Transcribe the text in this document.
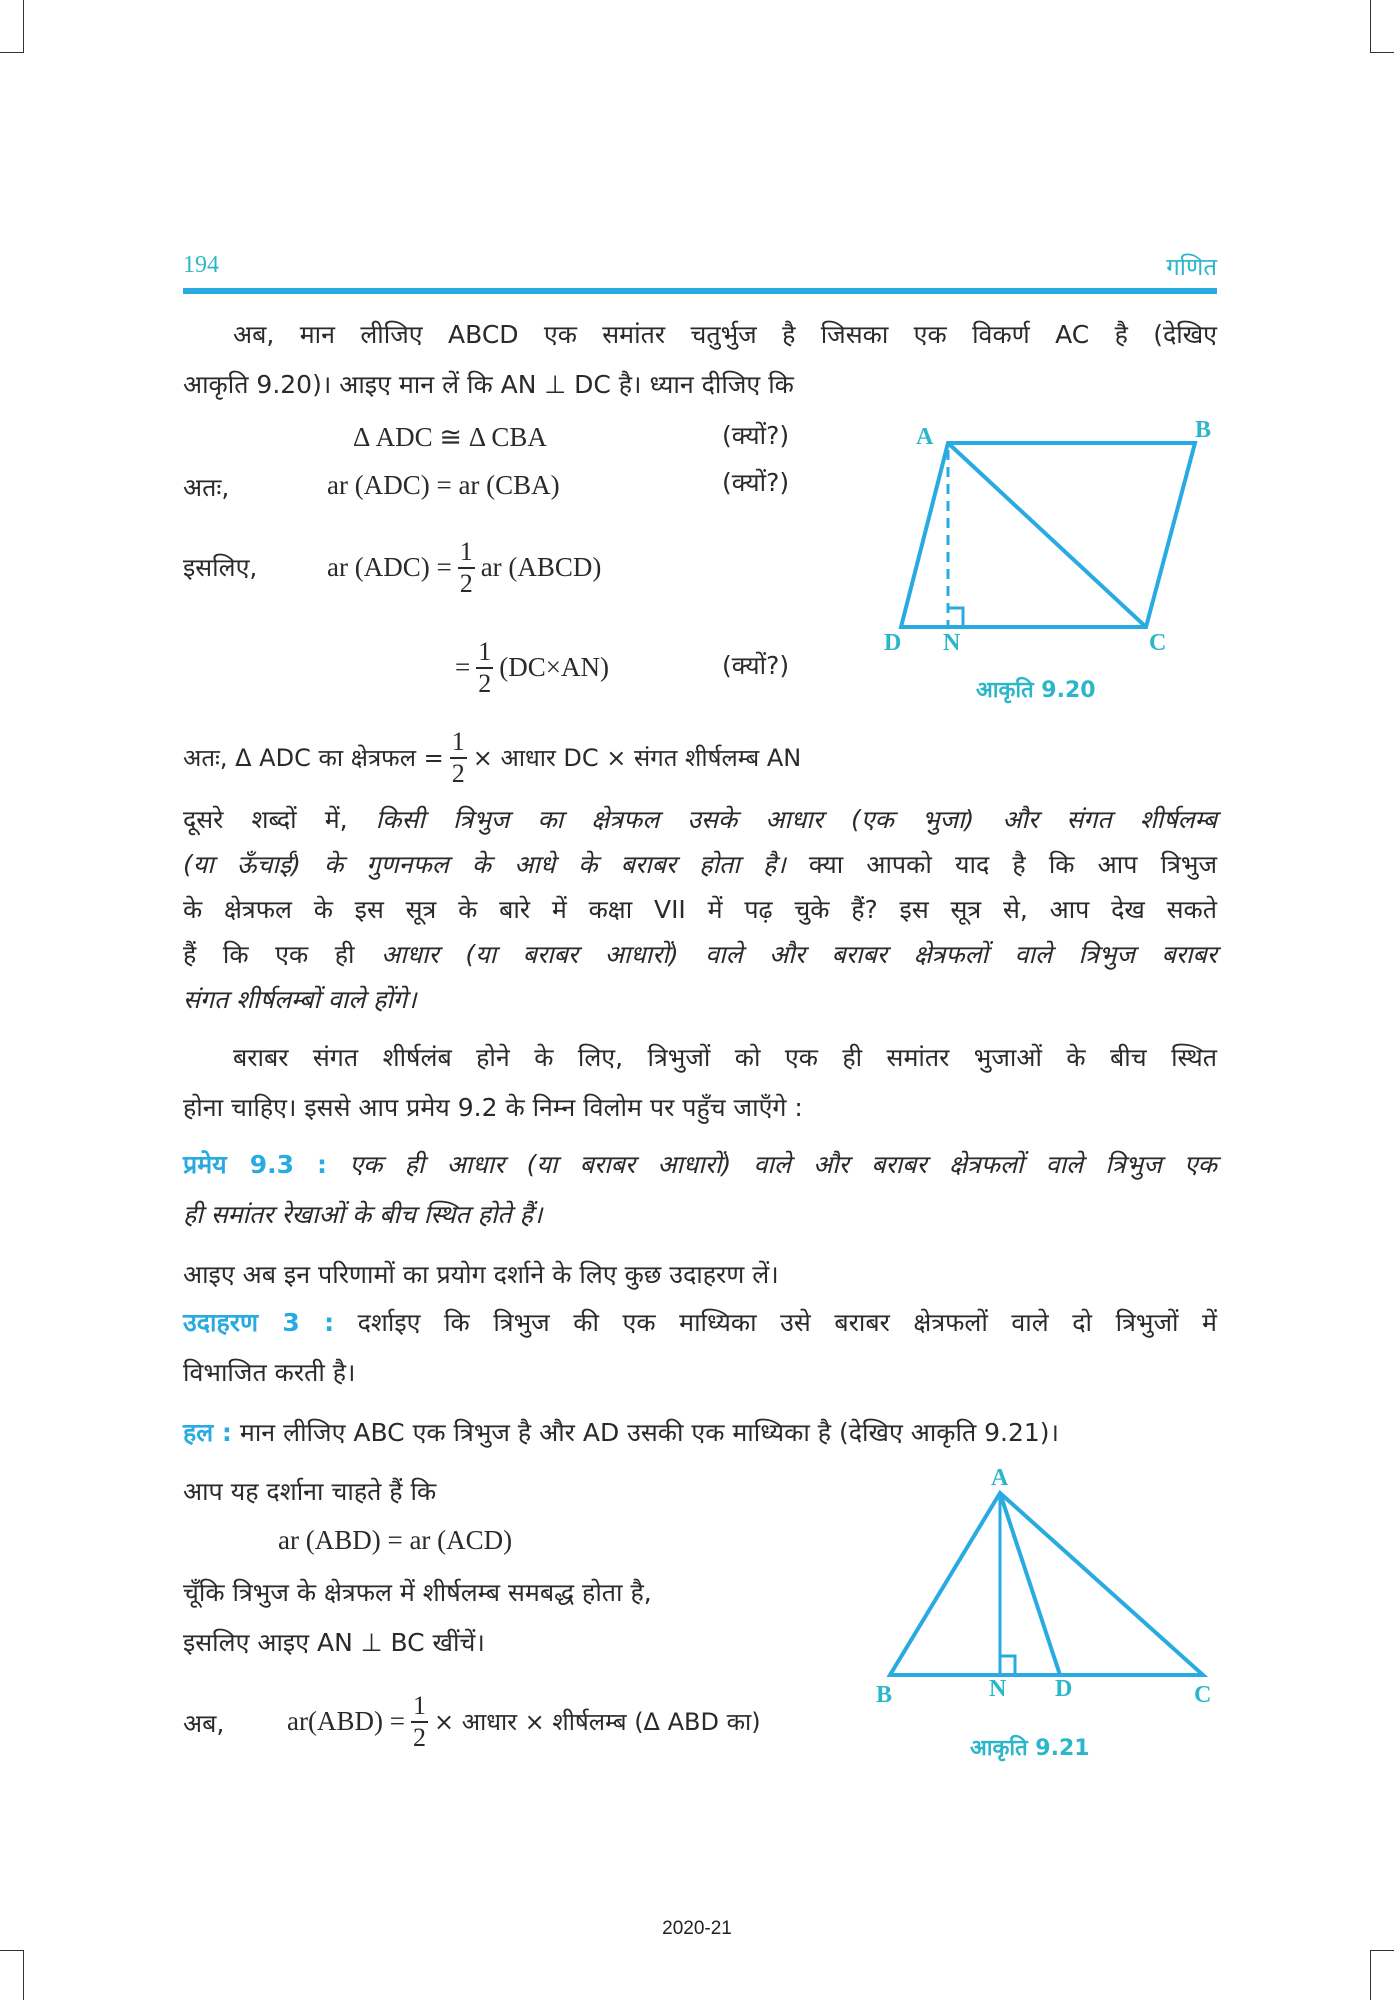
194	गणित
अब, मान लीजिए ABCD एक समांतर चतुर्भुज है जिसका एक विकर्ण AC है (देखिए
आकृति 9.20)। आइए मान लें कि AN ⊥ DC है। ध्यान दीजिए कि
Δ ADC ≅ Δ CBA	(क्यों?)
अतः,	ar (ADC) = ar (CBA)	(क्यों?)
इसलिए,	ar $(ADC) = \frac{1}{2}$ ar (ABCD)
= $\frac{1}{2} (DC\times AN)$	(क्यों?)
अतः, Δ ADC का क्षेत्रफल = $\frac{1}{2}$ × आधार DC × संगत शीर्षलम्ब AN
A	B
D N	C
आकृति 9.20
दूसरे शब्दों में, किसी त्रिभुज का क्षेत्रफल उसके आधार (एक भुजा) और संगत शीर्षलम्ब
(या ऊँचाई) के गुणनफल के आधे के बराबर होता है। क्या आपको याद है कि आप त्रिभुज
के क्षेत्रफल के इस सूत्र के बारे में कक्षा VII में पढ़ चुके हैं? इस सूत्र से, आप देख सकते
हैं कि एक ही आधार (या बराबर आधारों) वाले और बराबर क्षेत्रफलों वाले त्रिभुज बराबर
संगत शीर्षलम्बों वाले होंगे।
बराबर संगत शीर्षलंब होने के लिए, त्रिभुजों को एक ही समांतर भुजाओं के बीच स्थित
होना चाहिए। इससे आप प्रमेय 9.2 के निम्न विलोम पर पहुँच जाएँगे :
प्रमेय 9.3 : एक ही आधार (या बराबर आधारों) वाले और बराबर क्षेत्रफलों वाले त्रिभुज एक
ही समांतर रेखाओं के बीच स्थित होते हैं।
आइए अब इन परिणामों का प्रयोग दर्शाने के लिए कुछ उदाहरण लें।
उदाहरण 3 : दर्शाइए कि त्रिभुज की एक माध्यिका उसे बराबर क्षेत्रफलों वाले दो त्रिभुजों में
विभाजित करती है।
हल : मान लीजिए ABC एक त्रिभुज है और AD उसकी एक माध्यिका है (देखिए आकृति 9.21)।
आप यह दर्शाना चाहते हैं कि
ar (ABD) = ar (ACD)
चूँकि त्रिभुज के क्षेत्रफल में शीर्षलम्ब समबद्ध होता है,
इसलिए आइए AN ⊥ BC खींचें।
अब, $ar(ABD) = \frac{1}{2}$ × आधार × शीर्षलम्ब (Δ ABD का)
A
B	N D	C
आकृति 9.21
2020-21
